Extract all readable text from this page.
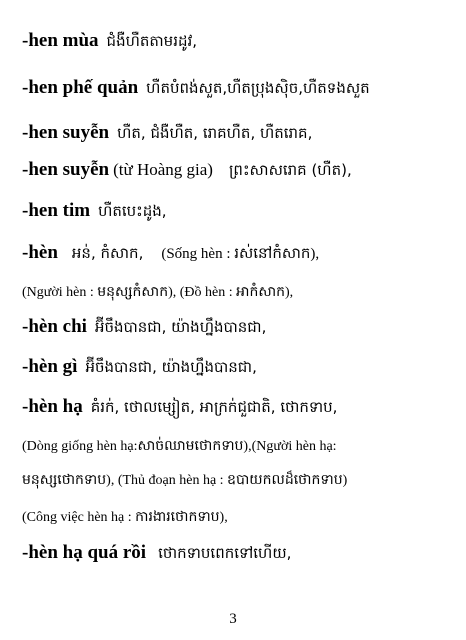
-hen mùa ជំងឺហឺតតាមរដូវ,
-hen phế quản ហឺតបំពង់សួត,ហឺតប្រុងស៊ិច,ហឺតទងសួត
-hen suyễn ហឺត, ជំងឺហឺត, រោគហឺត, ហឺតរោគ,
-hen suyễn (từ Hoàng gia) ព្រះសាសរោគ (ហឺត),
-hen tim ហឺតបេះដូង,
-hèn អន់, កំសាក, (Sống hèn : រស់នៅកំសាក),
(Người hèn : មនុស្សកំសាក), (Đồ hèn : អាកំសាក),
-hèn chi អ៊ីចឹងបានជា, យ៉ាងហ្នឹងបានជា,
-hèn gì អ៊ីចឹងបានជា, យ៉ាងហ្នឹងបានជា,
-hèn hạ គំរក់, ថោលម្សៀត, អាក្រក់ជួជាតិ, ថោកទាប,
(Dòng giống hèn hạ:សាច់ឈាមថោកទាប),(Người hèn hạ:
មនុស្សថោកទាប), (Thủ đoạn hèn hạ : ឧបាយកលដ៏ថោកទាប)
(Công việc hèn hạ : ការងារថោកទាប),
-hèn hạ quá rồi ថោកទាបពេកទៅហើយ,
3
